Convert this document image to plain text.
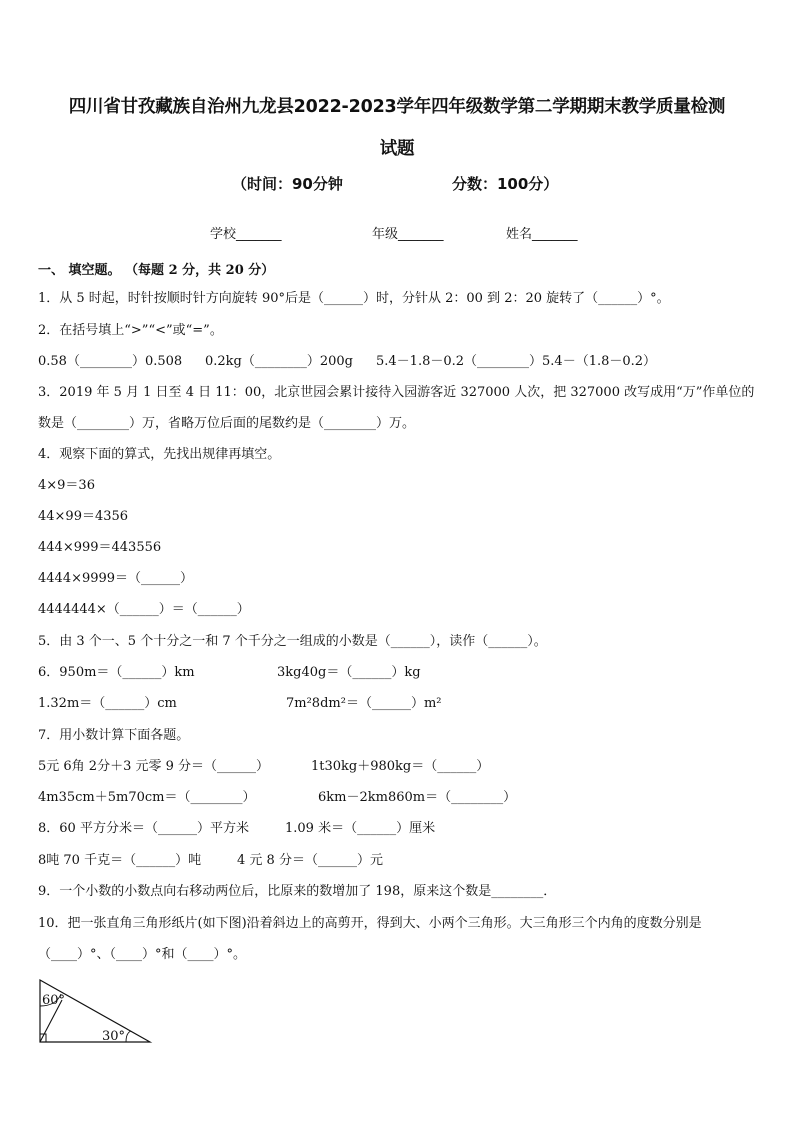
四川省甘孜藏族自治州九龙县2022-2023学年四年级数学第二学期期末教学质量检测
试题
（时间：90分钟	分数：100分）
学校_______	年级_______	姓名_______
一、 填空题。 （每题 2 分，共 20 分）
1．从 5 时起，时针按顺时针方向旋转 90°后是（______）时，分针从 2：00 到 2：20 旋转了（______）°。
2．在括号填上“>”“<”或“=”。
0.58（________）0.508 0.2kg（________）200g 5.4－1.8－0.2（________）5.4－（1.8－0.2）
3．2019 年 5 月 1 日至 4 日 11：00，北京世园会累计接待入园游客近 327000 人次，把 327000 改写成用“万”作单位的
数是（________）万，省略万位后面的尾数约是（________）万。
4．观察下面的算式，先找出规律再填空。
4×9＝36
44×99＝4356
444×999＝443556
4444×9999＝（______）
4444444×（______）＝（______）
5．由 3 个一、5 个十分之一和 7 个千分之一组成的小数是（______），读作（______）。
6．950m＝（______）km	3kg40g＝（______）kg
1.32m＝（______）cm	7m²8dm²＝（______）m²
7．用小数计算下面各题。
5元 6角 2分＋3 元零 9 分＝（______）	1t30kg＋980kg＝（______）
4m35cm＋5m70cm＝（________）	6km－2km860m＝（________）
8．60 平方分米＝（______）平方米	1.09 米＝（______）厘米
8吨 70 千克＝（______）吨	4 元 8 分＝（______）元
9．一个小数的小数点向右移动两位后，比原来的数增加了 198，原来这个数是________．
10．把一张直角三角形纸片(如下图)沿着斜边上的高剪开，得到大、小两个三角形。大三角形三个内角的度数分别是
（____）°、（____）°和（____）°。
60°
30°
